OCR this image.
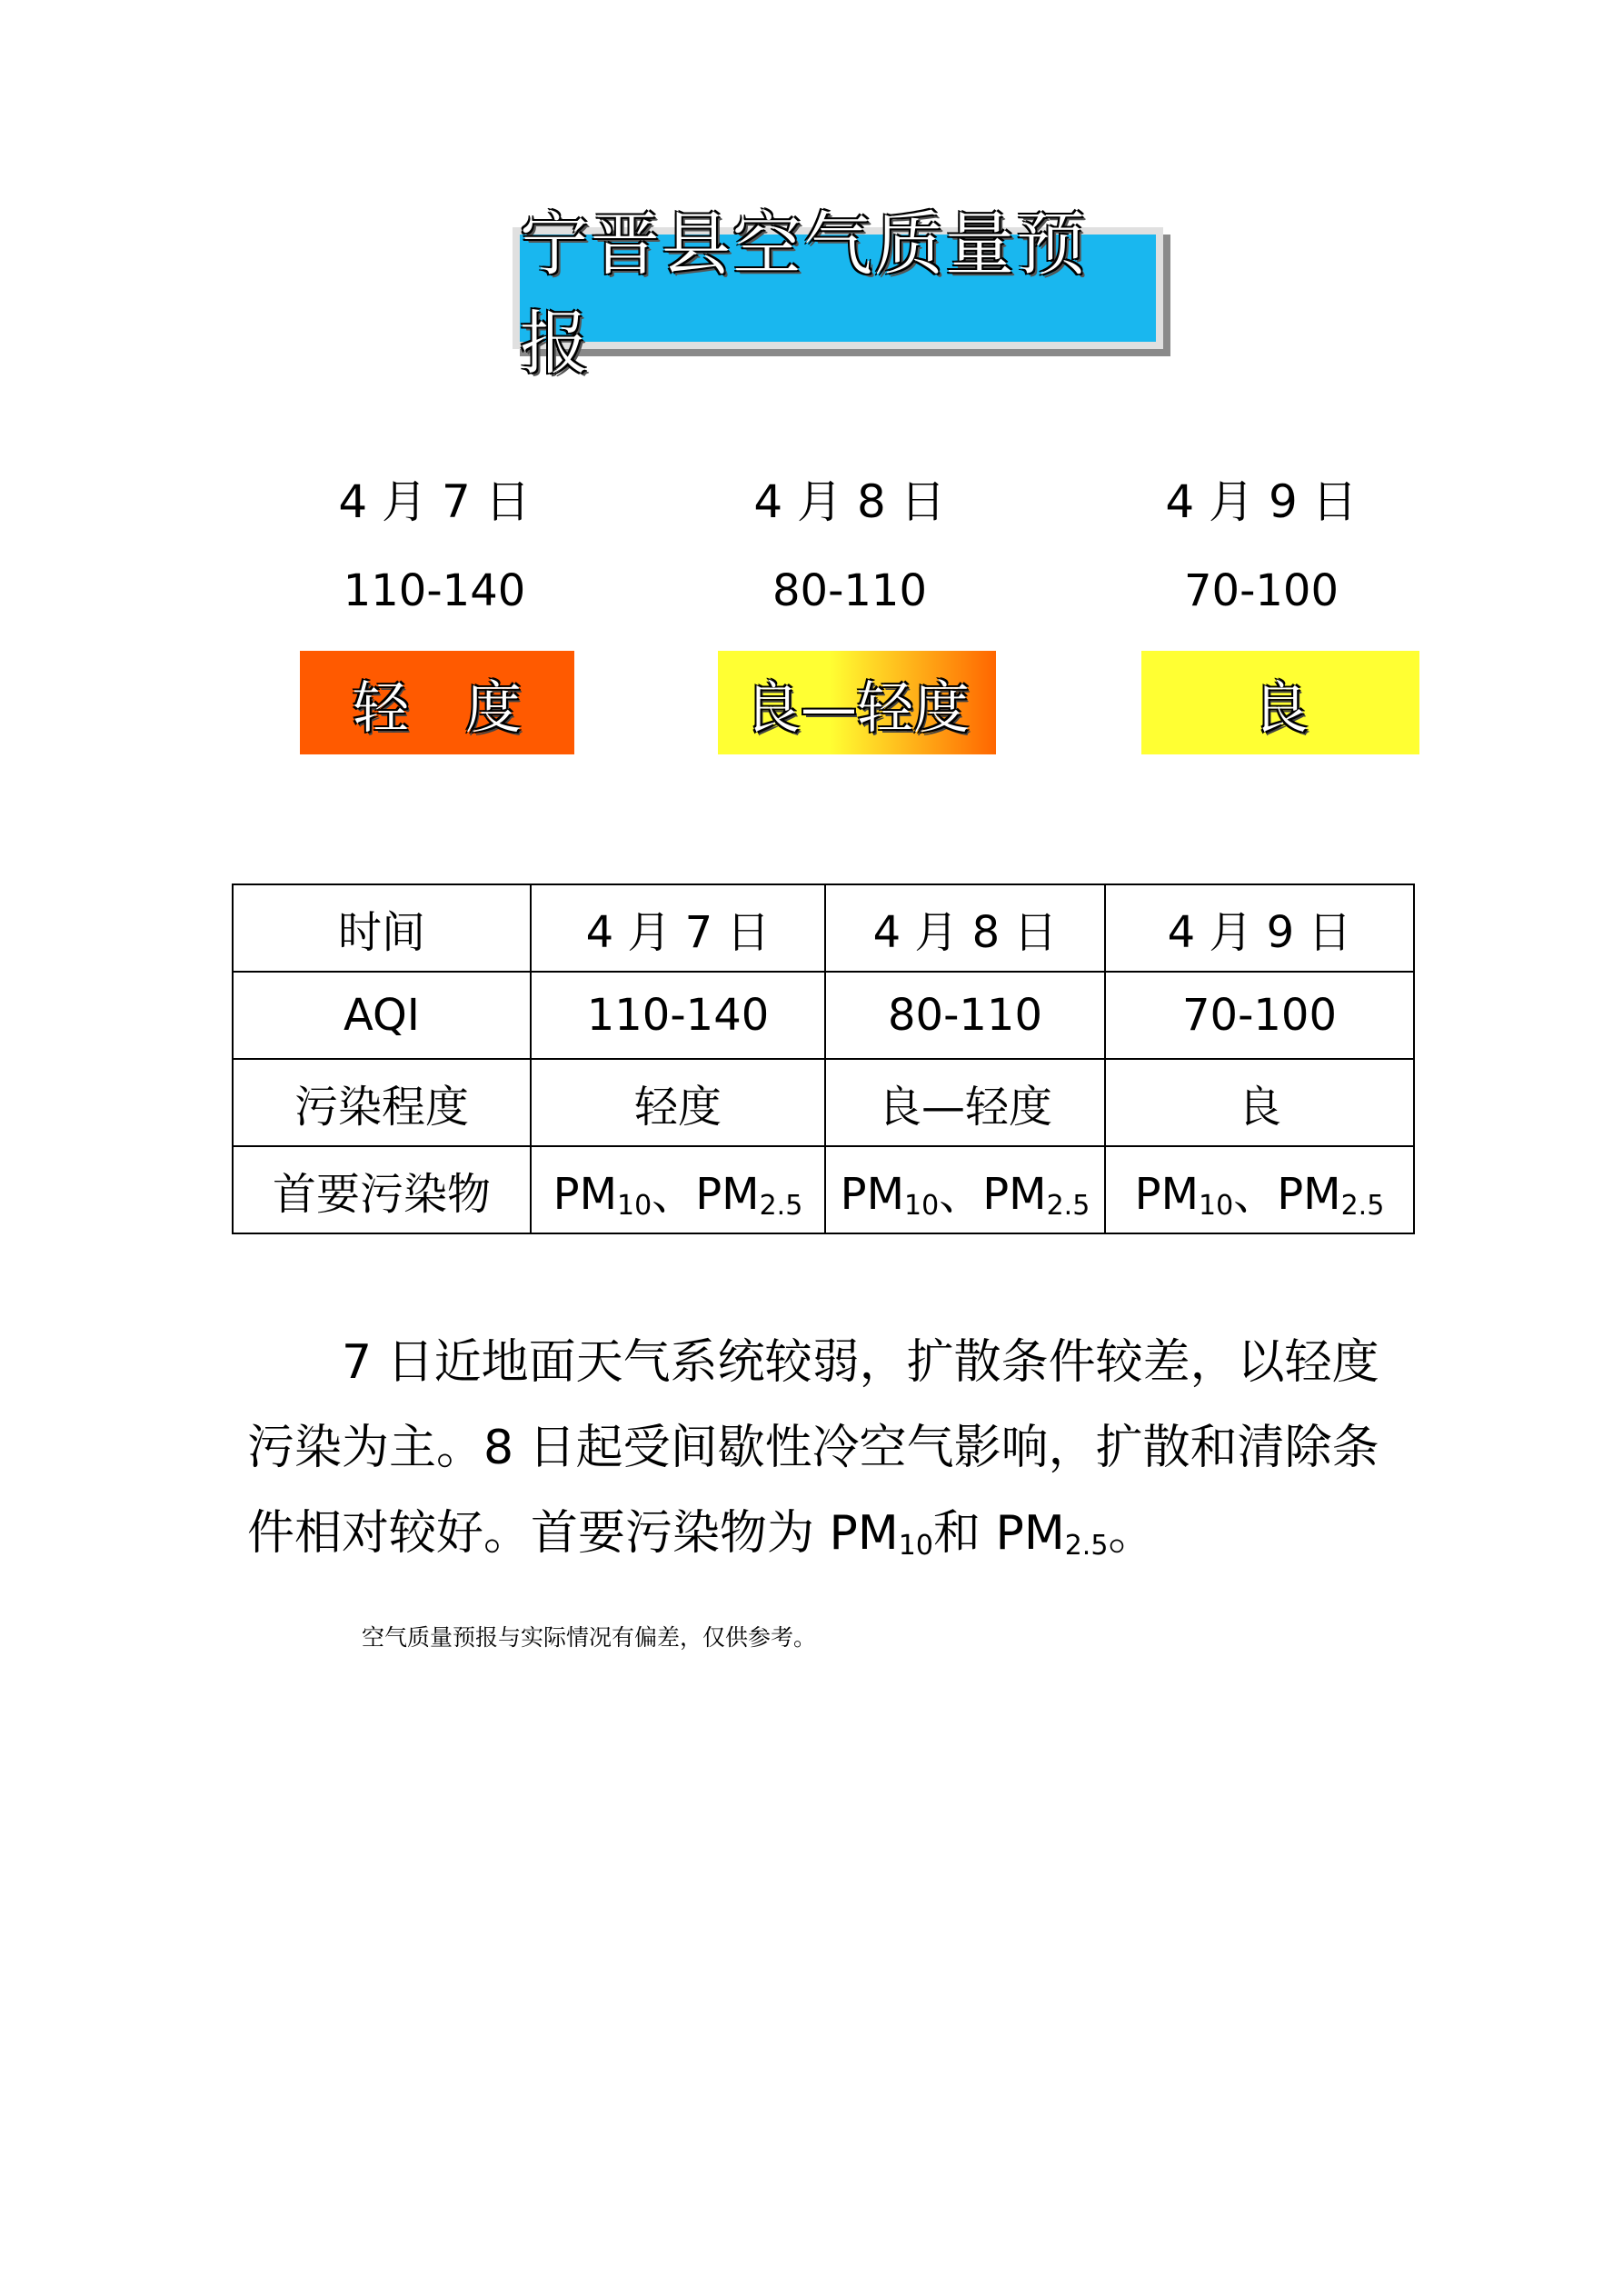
宁晋县空气质量预报
4 月 7 日
110-140
4 月 8 日
80-110
4 月 9 日
70-100
轻　度	良—轻度	良
时间	4 月 7 日	4 月 8 日	4 月 9 日
AQI	110-140	80-110	70-100
污染程度	轻度	良—轻度	良
首要污染物	$PM_{10}$、$PM_{2.5}$	$PM_{10}$、$PM_{2.5}$	$PM_{10}$、$PM_{2.5}$
7 日近地面天气系统较弱，扩散条件较差，以轻度污染为主。8 日起受间歇性冷空气影响，扩散和清除条件相对较好。首要污染物为 $PM_{10}$和 $PM_{2.5}$。
空气质量预报与实际情况有偏差，仅供参考。
